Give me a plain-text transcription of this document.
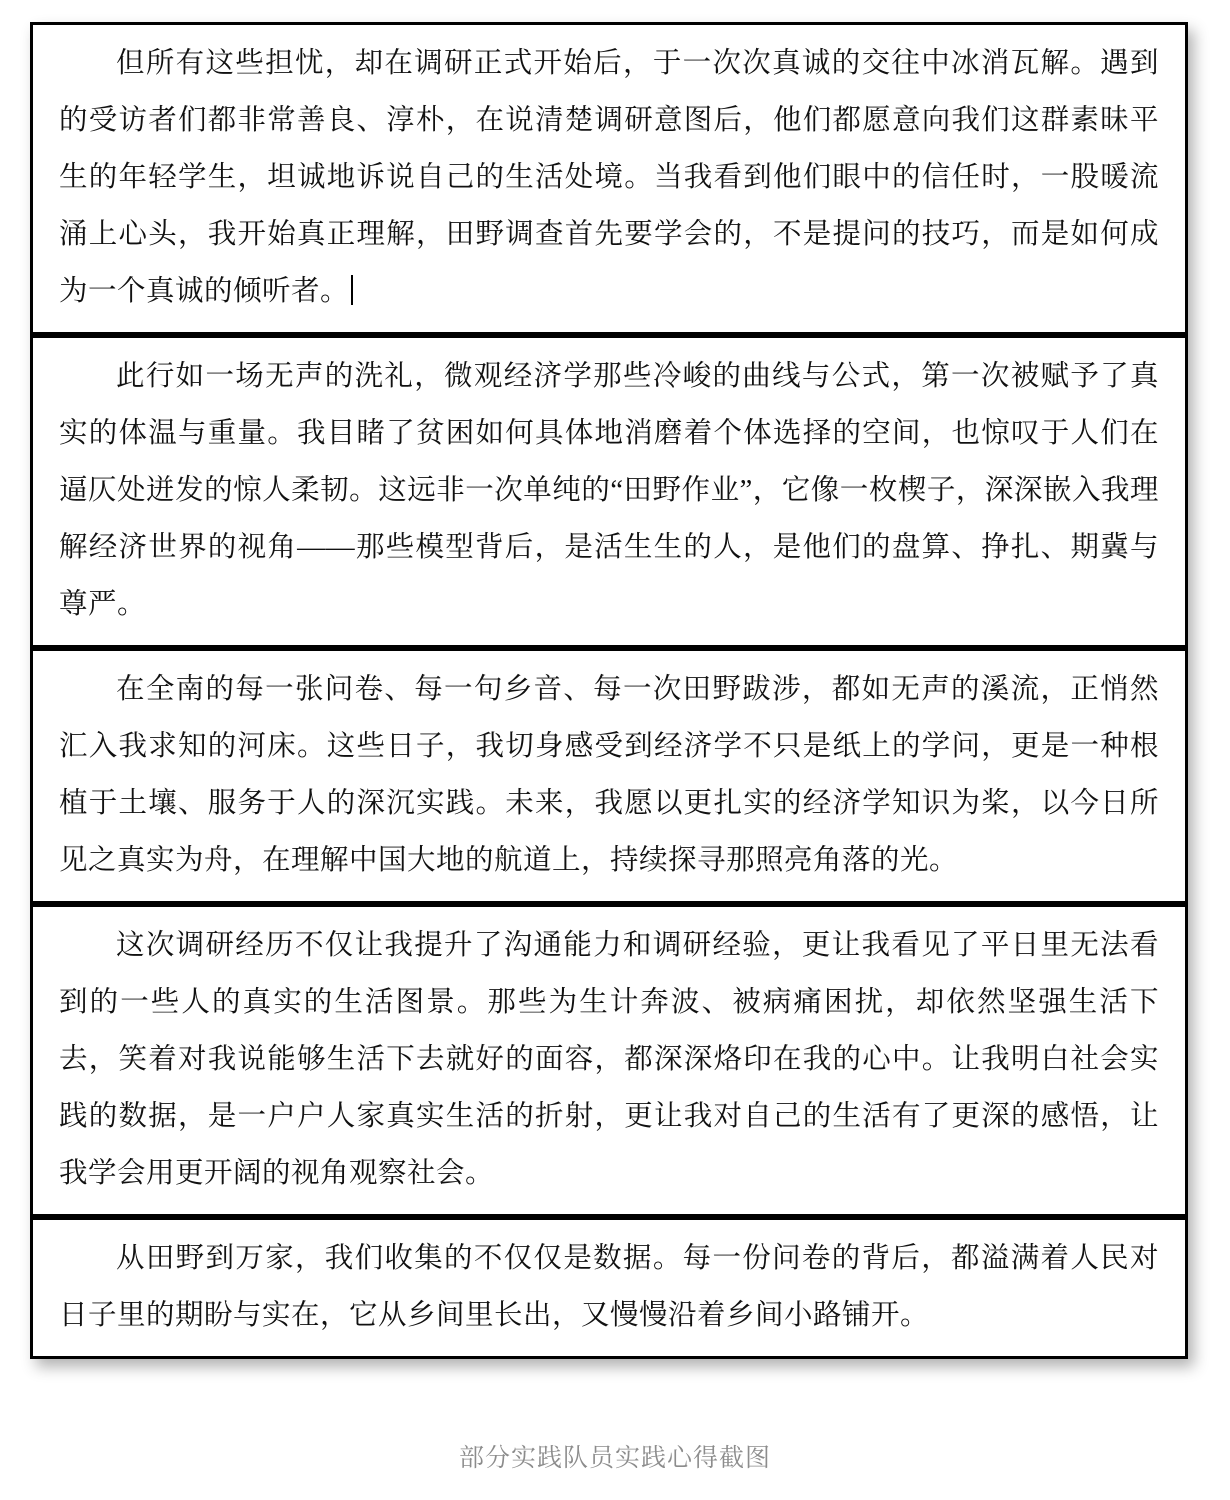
但所有这些担忧，却在调研正式开始后，于一次次真诚的交往中冰消瓦解。遇到的受访者们都非常善良、淳朴，在说清楚调研意图后，他们都愿意向我们这群素昧平生的年轻学生，坦诚地诉说自己的生活处境。当我看到他们眼中的信任时，一股暖流涌上心头，我开始真正理解，田野调查首先要学会的，不是提问的技巧，而是如何成为一个真诚的倾听者。
此行如一场无声的洗礼，微观经济学那些冷峻的曲线与公式，第一次被赋予了真实的体温与重量。我目睹了贫困如何具体地消磨着个体选择的空间，也惊叹于人们在逼仄处迸发的惊人柔韧。这远非一次单纯的“田野作业”，它像一枚楔子，深深嵌入我理解经济世界的视角——那些模型背后，是活生生的人，是他们的盘算、挣扎、期冀与尊严。
在全南的每一张问卷、每一句乡音、每一次田野跋涉，都如无声的溪流，正悄然汇入我求知的河床。这些日子，我切身感受到经济学不只是纸上的学问，更是一种根植于土壤、服务于人的深沉实践。未来，我愿以更扎实的经济学知识为桨，以今日所见之真实为舟，在理解中国大地的航道上，持续探寻那照亮角落的光。
这次调研经历不仅让我提升了沟通能力和调研经验，更让我看见了平日里无法看到的一些人的真实的生活图景。那些为生计奔波、被病痛困扰，却依然坚强生活下去，笑着对我说能够生活下去就好的面容，都深深烙印在我的心中。让我明白社会实践的数据，是一户户人家真实生活的折射，更让我对自己的生活有了更深的感悟，让我学会用更开阔的视角观察社会。
从田野到万家，我们收集的不仅仅是数据。每一份问卷的背后，都溢满着人民对日子里的期盼与实在，它从乡间里长出，又慢慢沿着乡间小路铺开。
部分实践队员实践心得截图
